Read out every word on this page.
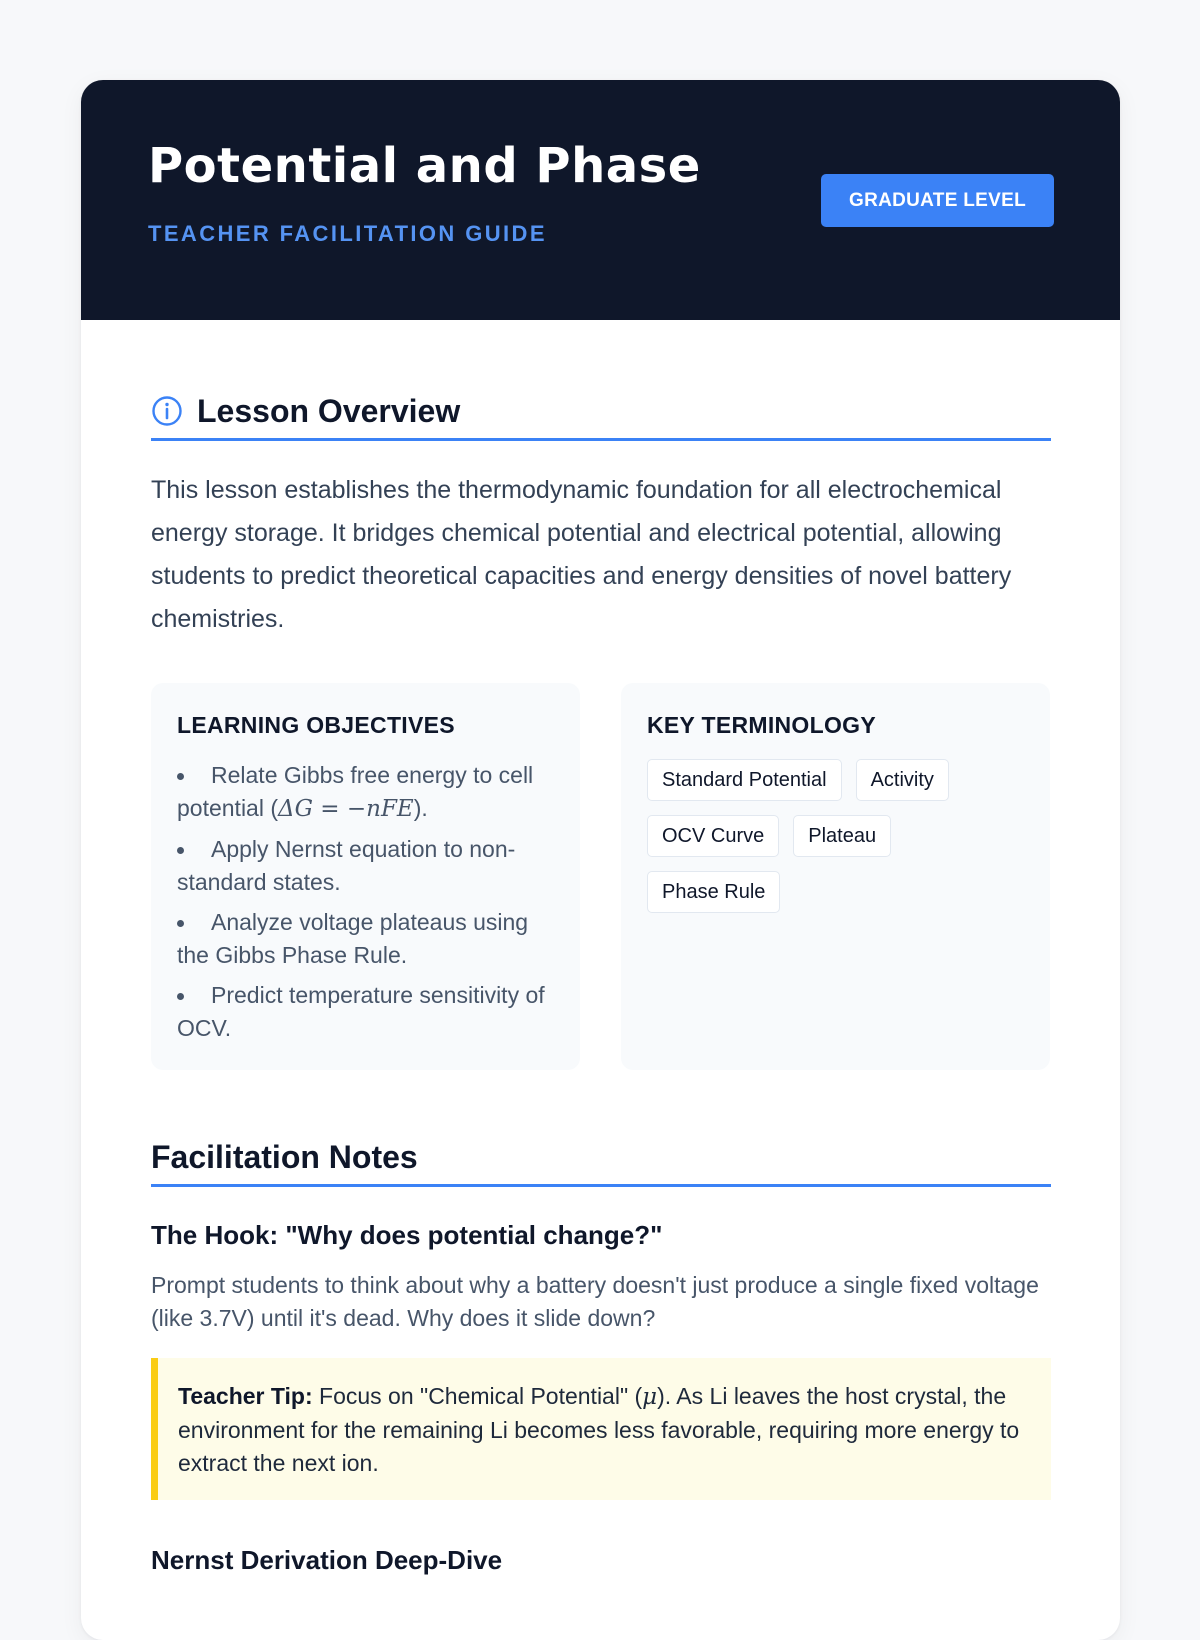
Potential and Phase
TEACHER FACILITATION GUIDE
GRADUATE LEVEL
Lesson Overview

This lesson establishes the thermodynamic foundation for all electrochemical energy storage. It bridges chemical potential and electrical potential, allowing students to predict theoretical capacities and energy densities of novel battery chemistries.

LEARNING OBJECTIVES
Relate Gibbs free energy to cell potential (ΔG = −nFE).
Apply Nernst equation to non-standard states.
Analyze voltage plateaus using the Gibbs Phase Rule.
Predict temperature sensitivity of OCV.
KEY TERMINOLOGY
Standard Potential	Activity
OCV Curve	Plateau
Phase Rule
Facilitation Notes
The Hook: "Why does potential change?"

Prompt students to think about why a battery doesn't just produce a single fixed voltage (like 3.7V) until it's dead. Why does it slide down?

Teacher Tip: Focus on "Chemical Potential" (μ). As Li leaves the host crystal, the environment for the remaining Li becomes less favorable, requiring more energy to extract the next ion.
Nernst Derivation Deep-Dive
